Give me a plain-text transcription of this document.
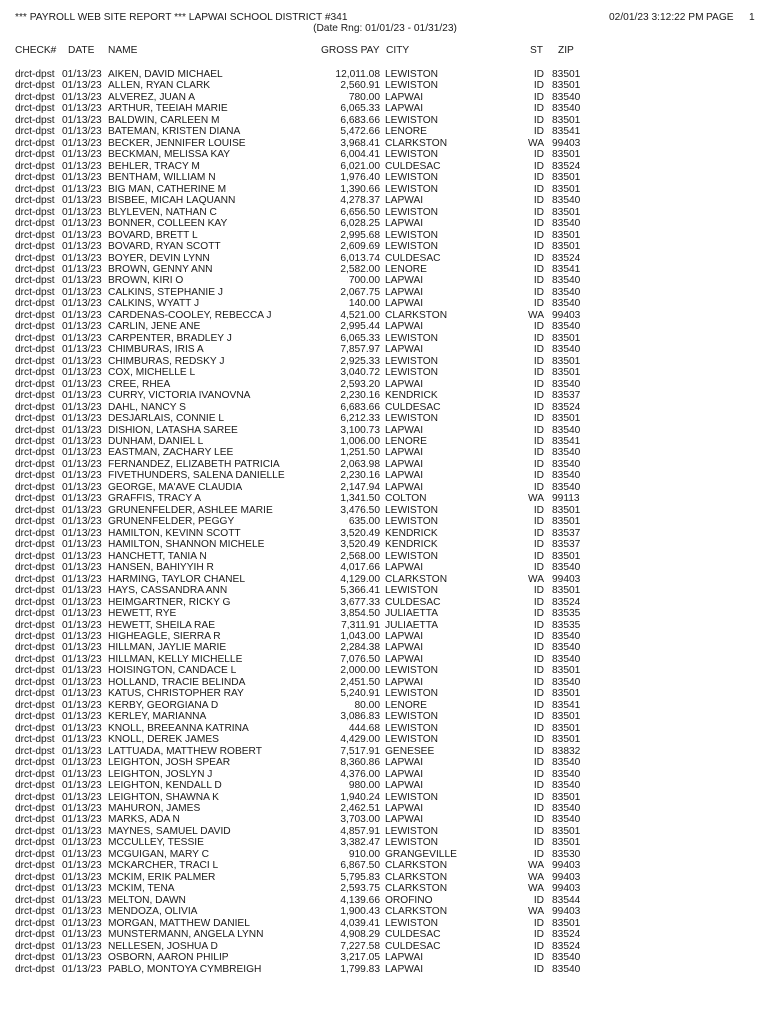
*** PAYROLL WEB SITE REPORT *** LAPWAI SCHOOL DISTRICT #341
(Date Rng: 01/01/23 - 01/31/23)
02/01/23 3:12:22 PM PAGE 1
CHECK# DATE NAME	GROSS PAY CITY	ST ZIP
drct-dpst 01/13/23 AIKEN, DAVID MICHAEL	12,011.08 LEWISTON	ID 83501
drct-dpst 01/13/23 ALLEN, RYAN CLARK	2,560.91 LEWISTON	ID 83501
drct-dpst 01/13/23 ALVEREZ, JUAN A	780.00 LAPWAI	ID 83540
drct-dpst 01/13/23 ARTHUR, TEEIAH MARIE	6,065.33 LAPWAI	ID 83540
drct-dpst 01/13/23 BALDWIN, CARLEEN M	6,683.66 LEWISTON	ID 83501
drct-dpst 01/13/23 BATEMAN, KRISTEN DIANA	5,472.66 LENORE	ID 83541
drct-dpst 01/13/23 BECKER, JENNIFER LOUISE	3,968.41 CLARKSTON	WA 99403
drct-dpst 01/13/23 BECKMAN, MELISSA KAY	6,004.41 LEWISTON	ID 83501
drct-dpst 01/13/23 BEHLER, TRACY M	6,021.00 CULDESAC	ID 83524
drct-dpst 01/13/23 BENTHAM, WILLIAM N	1,976.40 LEWISTON	ID 83501
drct-dpst 01/13/23 BIG MAN, CATHERINE M	1,390.66 LEWISTON	ID 83501
drct-dpst 01/13/23 BISBEE, MICAH LAQUANN	4,278.37 LAPWAI	ID 83540
drct-dpst 01/13/23 BLYLEVEN, NATHAN C	6,656.50 LEWISTON	ID 83501
drct-dpst 01/13/23 BONNER, COLLEEN KAY	6,028.25 LAPWAI	ID 83540
drct-dpst 01/13/23 BOVARD, BRETT L	2,995.68 LEWISTON	ID 83501
drct-dpst 01/13/23 BOVARD, RYAN SCOTT	2,609.69 LEWISTON	ID 83501
drct-dpst 01/13/23 BOYER, DEVIN LYNN	6,013.74 CULDESAC	ID 83524
drct-dpst 01/13/23 BROWN, GENNY ANN	2,582.00 LENORE	ID 83541
drct-dpst 01/13/23 BROWN, KIRI O	700.00 LAPWAI	ID 83540
drct-dpst 01/13/23 CALKINS, STEPHANIE J	2,067.75 LAPWAI	ID 83540
drct-dpst 01/13/23 CALKINS, WYATT J	140.00 LAPWAI	ID 83540
drct-dpst 01/13/23 CARDENAS-COOLEY, REBECCA J	4,521.00 CLARKSTON	WA 99403
drct-dpst 01/13/23 CARLIN, JENE ANE	2,995.44 LAPWAI	ID 83540
drct-dpst 01/13/23 CARPENTER, BRADLEY J	6,065.33 LEWISTON	ID 83501
drct-dpst 01/13/23 CHIMBURAS, IRIS A	7,857.97 LAPWAI	ID 83540
drct-dpst 01/13/23 CHIMBURAS, REDSKY J	2,925.33 LEWISTON	ID 83501
drct-dpst 01/13/23 COX, MICHELLE L	3,040.72 LEWISTON	ID 83501
drct-dpst 01/13/23 CREE, RHEA	2,593.20 LAPWAI	ID 83540
drct-dpst 01/13/23 CURRY, VICTORIA IVANOVNA	2,230.16 KENDRICK	ID 83537
drct-dpst 01/13/23 DAHL, NANCY S	6,683.66 CULDESAC	ID 83524
drct-dpst 01/13/23 DESJARLAIS, CONNIE L	6,212.33 LEWISTON	ID 83501
drct-dpst 01/13/23 DISHION, LATASHA SAREE	3,100.73 LAPWAI	ID 83540
drct-dpst 01/13/23 DUNHAM, DANIEL L	1,006.00 LENORE	ID 83541
drct-dpst 01/13/23 EASTMAN, ZACHARY LEE	1,251.50 LAPWAI	ID 83540
drct-dpst 01/13/23 FERNANDEZ, ELIZABETH PATRICIA	2,063.98 LAPWAI	ID 83540
drct-dpst 01/13/23 FIVETHUNDERS, SALENA DANIELLE	2,230.16 LAPWAI	ID 83540
drct-dpst 01/13/23 GEORGE, MA'AVE CLAUDIA	2,147.94 LAPWAI	ID 83540
drct-dpst 01/13/23 GRAFFIS, TRACY A	1,341.50 COLTON	WA 99113
drct-dpst 01/13/23 GRUNENFELDER, ASHLEE MARIE	3,476.50 LEWISTON	ID 83501
drct-dpst 01/13/23 GRUNENFELDER, PEGGY	635.00 LEWISTON	ID 83501
drct-dpst 01/13/23 HAMILTON, KEVINN SCOTT	3,520.49 KENDRICK	ID 83537
drct-dpst 01/13/23 HAMILTON, SHANNON MICHELE	3,520.49 KENDRICK	ID 83537
drct-dpst 01/13/23 HANCHETT, TANIA N	2,568.00 LEWISTON	ID 83501
drct-dpst 01/13/23 HANSEN, BAHIYYIH R	4,017.66 LAPWAI	ID 83540
drct-dpst 01/13/23 HARMING, TAYLOR CHANEL	4,129.00 CLARKSTON	WA 99403
drct-dpst 01/13/23 HAYS, CASSANDRA ANN	5,366.41 LEWISTON	ID 83501
drct-dpst 01/13/23 HEIMGARTNER, RICKY G	3,677.33 CULDESAC	ID 83524
drct-dpst 01/13/23 HEWETT, RYE	3,854.50 JULIAETTA	ID 83535
drct-dpst 01/13/23 HEWETT, SHEILA RAE	7,311.91 JULIAETTA	ID 83535
drct-dpst 01/13/23 HIGHEAGLE, SIERRA R	1,043.00 LAPWAI	ID 83540
drct-dpst 01/13/23 HILLMAN, JAYLIE MARIE	2,284.38 LAPWAI	ID 83540
drct-dpst 01/13/23 HILLMAN, KELLY MICHELLE	7,076.50 LAPWAI	ID 83540
drct-dpst 01/13/23 HOISINGTON, CANDACE L	2,000.00 LEWISTON	ID 83501
drct-dpst 01/13/23 HOLLAND, TRACIE BELINDA	2,451.50 LAPWAI	ID 83540
drct-dpst 01/13/23 KATUS, CHRISTOPHER RAY	5,240.91 LEWISTON	ID 83501
drct-dpst 01/13/23 KERBY, GEORGIANA D	80.00 LENORE	ID 83541
drct-dpst 01/13/23 KERLEY, MARIANNA	3,086.83 LEWISTON	ID 83501
drct-dpst 01/13/23 KNOLL, BREEANNA KATRINA	444.68 LEWISTON	ID 83501
drct-dpst 01/13/23 KNOLL, DEREK JAMES	4,429.00 LEWISTON	ID 83501
drct-dpst 01/13/23 LATTUADA, MATTHEW ROBERT	7,517.91 GENESEE	ID 83832
drct-dpst 01/13/23 LEIGHTON, JOSH SPEAR	8,360.86 LAPWAI	ID 83540
drct-dpst 01/13/23 LEIGHTON, JOSLYN J	4,376.00 LAPWAI	ID 83540
drct-dpst 01/13/23 LEIGHTON, KENDALL D	980.00 LAPWAI	ID 83540
drct-dpst 01/13/23 LEIGHTON, SHAWNA K	1,940.24 LEWISTON	ID 83501
drct-dpst 01/13/23 MAHURON, JAMES	2,462.51 LAPWAI	ID 83540
drct-dpst 01/13/23 MARKS, ADA N	3,703.00 LAPWAI	ID 83540
drct-dpst 01/13/23 MAYNES, SAMUEL DAVID	4,857.91 LEWISTON	ID 83501
drct-dpst 01/13/23 MCCULLEY, TESSIE	3,382.47 LEWISTON	ID 83501
drct-dpst 01/13/23 MCGUIGAN, MARY C	910.00 GRANGEVILLE	ID 83530
drct-dpst 01/13/23 MCKARCHER, TRACI L	6,867.50 CLARKSTON	WA 99403
drct-dpst 01/13/23 MCKIM, ERIK PALMER	5,795.83 CLARKSTON	WA 99403
drct-dpst 01/13/23 MCKIM, TENA	2,593.75 CLARKSTON	WA 99403
drct-dpst 01/13/23 MELTON, DAWN	4,139.66 OROFINO	ID 83544
drct-dpst 01/13/23 MENDOZA, OLIVIA	1,900.43 CLARKSTON	WA 99403
drct-dpst 01/13/23 MORGAN, MATTHEW DANIEL	4,039.41 LEWISTON	ID 83501
drct-dpst 01/13/23 MUNSTERMANN, ANGELA LYNN	4,908.29 CULDESAC	ID 83524
drct-dpst 01/13/23 NELLESEN, JOSHUA D	7,227.58 CULDESAC	ID 83524
drct-dpst 01/13/23 OSBORN, AARON PHILIP	3,217.05 LAPWAI	ID 83540
drct-dpst 01/13/23 PABLO, MONTOYA CYMBREIGH	1,799.83 LAPWAI	ID 83540
